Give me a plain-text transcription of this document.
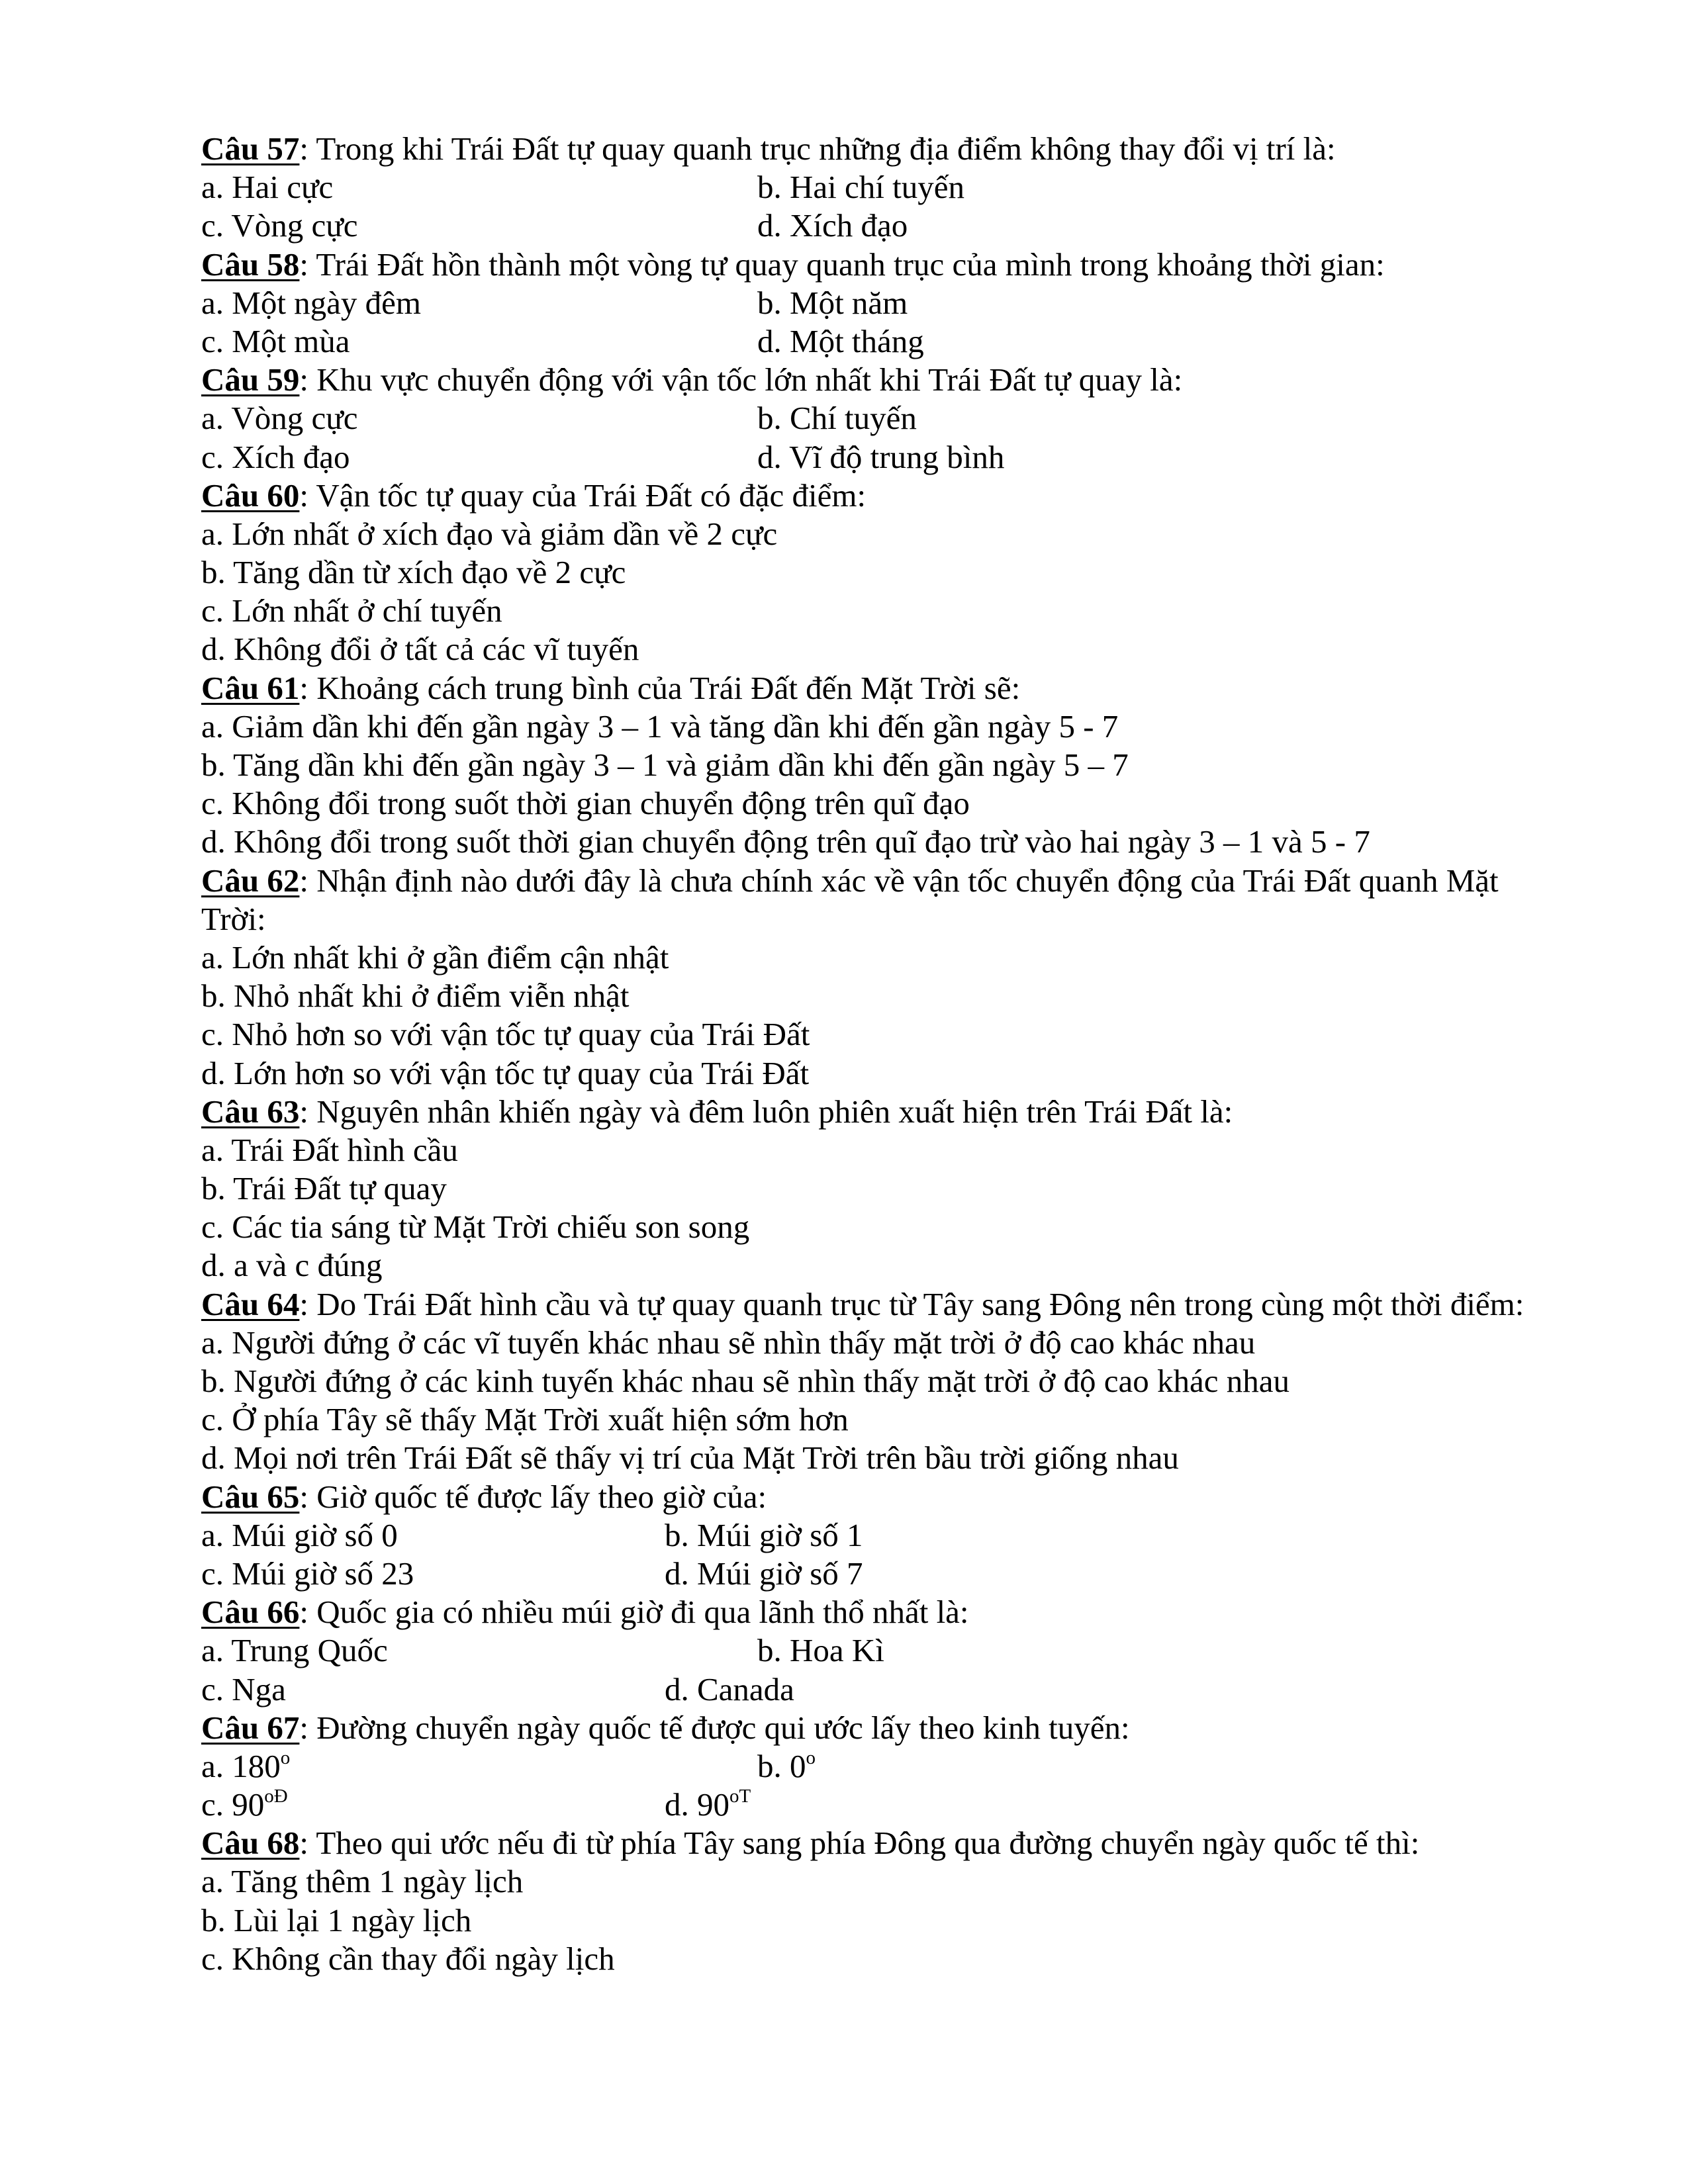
Câu 57: Trong khi Trái Đất tự quay quanh trục những địa điểm không thay đổi vị trí là:
a. Hai cực	b. Hai chí tuyến
c. Vòng cực	d. Xích đạo
Câu 58: Trái Đất hồn thành một vòng tự quay quanh trục của mình trong khoảng thời gian:
a. Một ngày đêm	b. Một năm
c. Một mùa	d. Một tháng
Câu 59: Khu vực chuyển động với vận tốc lớn nhất khi Trái Đất tự quay là:
a. Vòng cực	b. Chí tuyến
c. Xích đạo	d. Vĩ độ trung bình
Câu 60: Vận tốc tự quay của Trái Đất có đặc điểm:
a. Lớn nhất ở xích đạo và giảm dần về 2 cực
b. Tăng dần từ xích đạo về 2 cực
c. Lớn nhất ở chí tuyến
d. Không đổi ở tất cả các vĩ tuyến
Câu 61: Khoảng cách trung bình của Trái Đất đến Mặt Trời sẽ:
a. Giảm dần khi đến gần ngày 3 – 1 và tăng dần khi đến gần ngày 5 - 7
b. Tăng dần khi đến gần ngày 3 – 1 và giảm dần khi đến gần ngày 5 – 7
c. Không đổi trong suốt thời gian chuyển động trên quĩ đạo
d. Không đổi trong suốt thời gian chuyển động trên quĩ đạo trừ vào hai ngày 3 – 1 và 5 - 7
Câu 62: Nhận định nào dưới đây là chưa chính xác về vận tốc chuyển động của Trái Đất quanh Mặt Trời:
a. Lớn nhất khi ở gần điểm cận nhật
b. Nhỏ nhất khi ở điểm viễn nhật
c. Nhỏ hơn so với vận tốc tự quay của Trái Đất
d. Lớn hơn so với vận tốc tự quay của Trái Đất
Câu 63: Nguyên nhân khiến ngày và đêm luôn phiên xuất hiện trên Trái Đất là:
a. Trái Đất hình cầu
b. Trái Đất tự quay
c. Các tia sáng từ Mặt Trời chiếu son song
d. a và c đúng
Câu 64: Do Trái Đất hình cầu và tự quay quanh trục từ Tây sang Đông nên trong cùng một thời điểm:
a. Người đứng ở các vĩ tuyến khác nhau sẽ nhìn thấy mặt trời ở độ cao khác nhau
b. Người đứng ở các kinh tuyến khác nhau sẽ nhìn thấy mặt trời ở độ cao khác nhau
c. Ở phía Tây sẽ thấy Mặt Trời xuất hiện sớm hơn
d. Mọi nơi trên Trái Đất sẽ thấy vị trí của Mặt Trời trên bầu trời giống nhau
Câu 65: Giờ quốc tế được lấy theo giờ của:
a. Múi giờ số 0	b. Múi giờ số 1
c. Múi giờ số 23	d. Múi giờ số 7
Câu 66: Quốc gia có nhiều múi giờ đi qua lãnh thổ nhất là:
a. Trung Quốc	b. Hoa Kì
c. Nga	d. Canada
Câu 67: Đường chuyển ngày quốc tế được qui ước lấy theo kinh tuyến:
a. 180$^o$	b. 0$^o$
c. $90^{oĐ}$	d. $90^{oT}$
Câu 68: Theo qui ước nếu đi từ phía Tây sang phía Đông qua đường chuyển ngày quốc tế thì:
a. Tăng thêm 1 ngày lịch
b. Lùi lại 1 ngày lịch
c. Không cần thay đổi ngày lịch
